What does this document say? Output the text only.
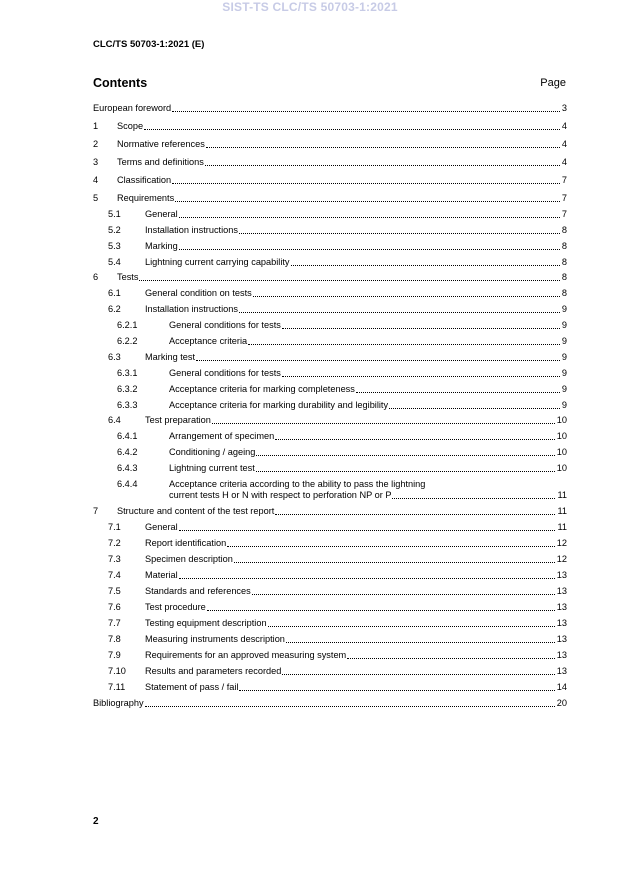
SIST-TS CLC/TS 50703-1:2021
CLC/TS 50703-1:2021 (E)
Contents	Page
European foreword	3
1 Scope	4
2 Normative references	4
3 Terms and definitions	4
4 Classification	7
5 Requirements	7
5.1	General	7
5.2	Installation instructions	8
5.3	Marking	8
5.4	Lightning current carrying capability	8
6 Tests	8
6.1	General condition on tests	8
6.2	Installation instructions	9
6.2.1	General conditions for tests	9
6.2.2	Acceptance criteria	9
6.3	Marking test	9
6.3.1	General conditions for tests	9
6.3.2	Acceptance criteria for marking completeness	9
6.3.3	Acceptance criteria for marking durability and legibility	9
6.4	Test preparation	10
6.4.1	Arrangement of specimen	10
6.4.2	Conditioning / ageing	10
6.4.3	Lightning current test	10
6.4.4	Acceptance criteria according to the ability to pass the lightning
current tests H or N with respect to perforation NP or P	11
7 Structure and content of the test report	11
7.1	General	11
7.2	Report identification	12
7.3	Specimen description	12
7.4	Material	13
7.5	Standards and references	13
7.6	Test procedure	13
7.7	Testing equipment description	13
7.8	Measuring instruments description	13
7.9	Requirements for an approved measuring system	13
7.10 Results and parameters recorded	13
7.11 Statement of pass / fail	14
Bibliography	20
2
